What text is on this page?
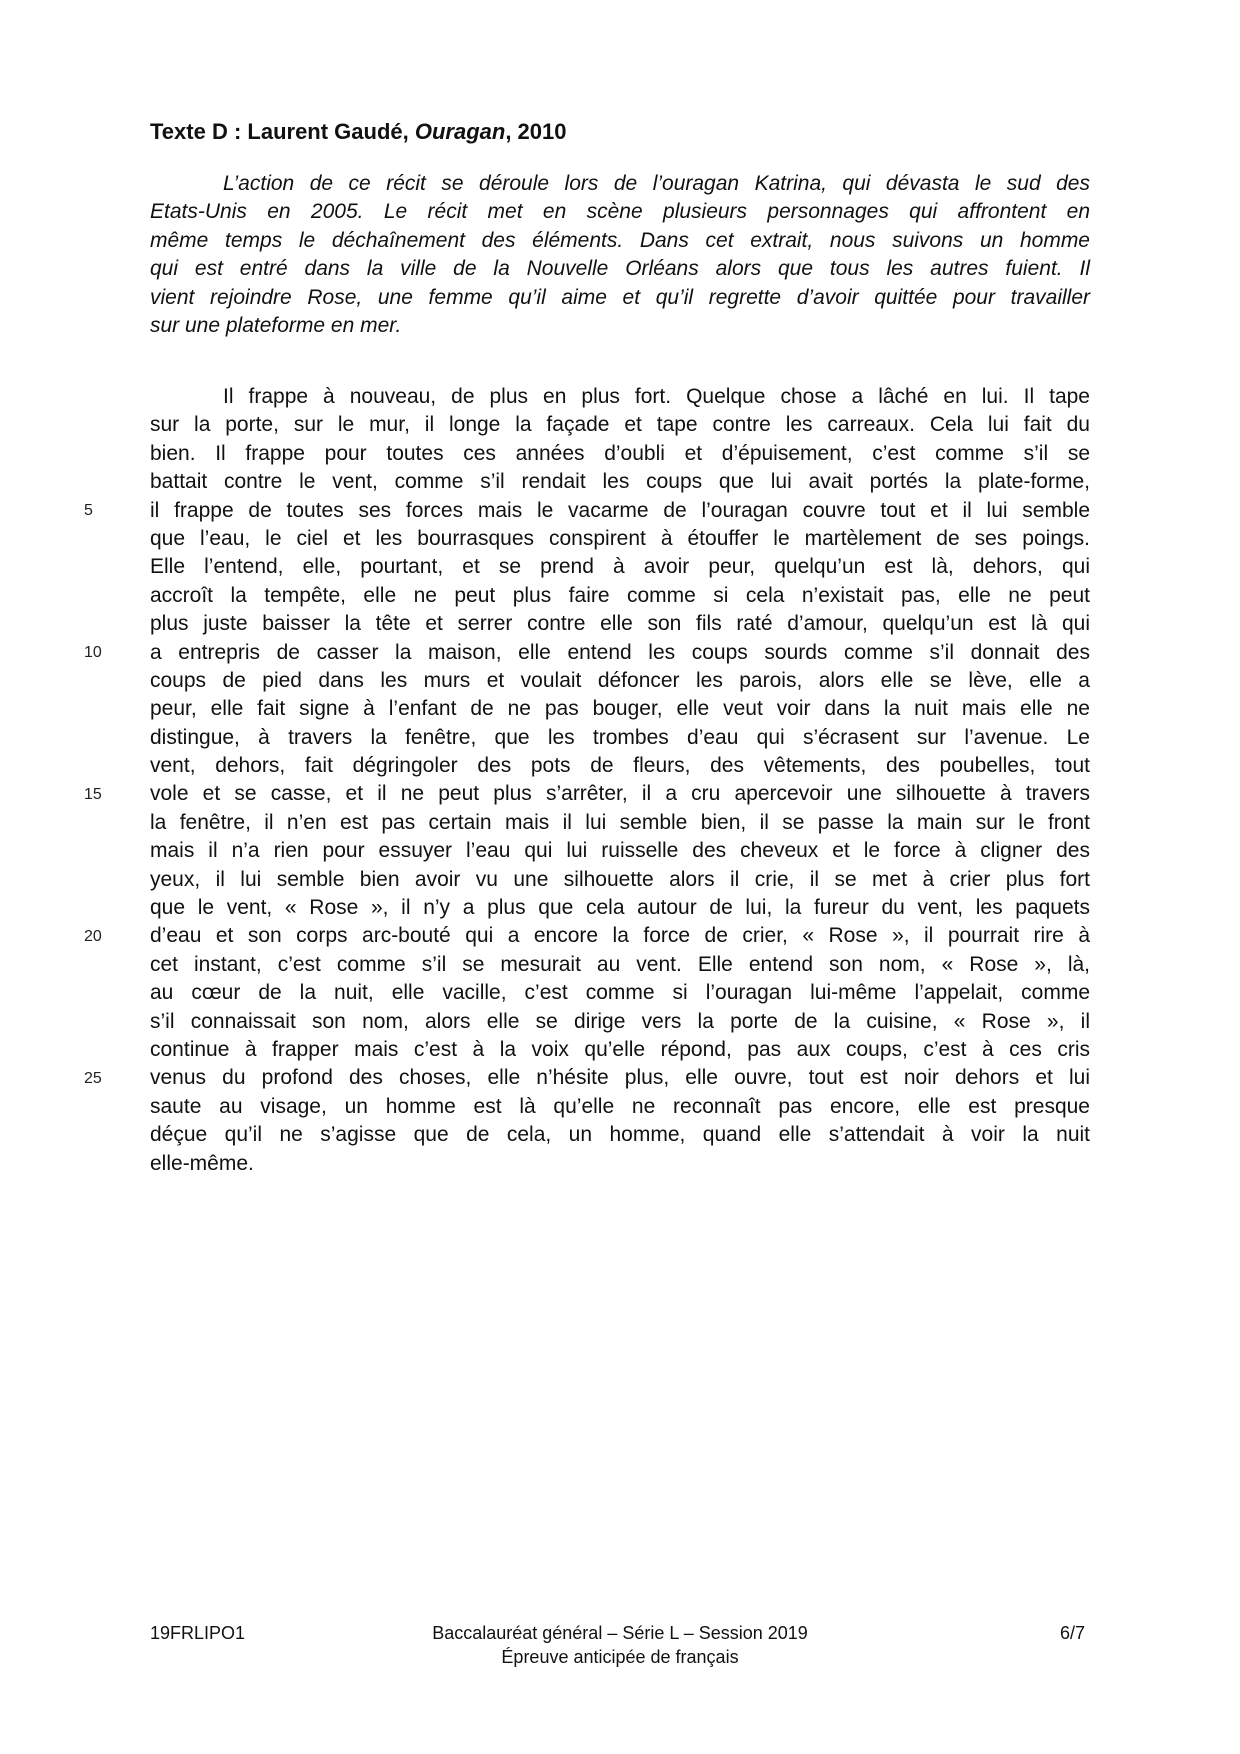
Texte D : Laurent Gaudé, Ouragan, 2010
L’action de ce récit se déroule lors de l’ouragan Katrina, qui dévasta le sud des
Etats-Unis en 2005. Le récit met en scène plusieurs personnages qui affrontent en
même temps le déchaînement des éléments. Dans cet extrait, nous suivons un homme
qui est entré dans la ville de la Nouvelle Orléans alors que tous les autres fuient. Il
vient rejoindre Rose, une femme qu’il aime et qu’il regrette d’avoir quittée pour travailler
sur une plateforme en mer.
5
10
15
20
25
Il frappe à nouveau, de plus en plus fort. Quelque chose a lâché en lui. Il tape
sur la porte, sur le mur, il longe la façade et tape contre les carreaux. Cela lui fait du
bien. Il frappe pour toutes ces années d’oubli et d’épuisement, c’est comme s’il se
battait contre le vent, comme s’il rendait les coups que lui avait portés la plate-forme,
il frappe de toutes ses forces mais le vacarme de l’ouragan couvre tout et il lui semble
que l’eau, le ciel et les bourrasques conspirent à étouffer le martèlement de ses poings.
Elle l’entend, elle, pourtant, et se prend à avoir peur, quelqu’un est là, dehors, qui
accroît la tempête, elle ne peut plus faire comme si cela n’existait pas, elle ne peut
plus juste baisser la tête et serrer contre elle son fils raté d’amour, quelqu’un est là qui
a entrepris de casser la maison, elle entend les coups sourds comme s’il donnait des
coups de pied dans les murs et voulait défoncer les parois, alors elle se lève, elle a
peur, elle fait signe à l’enfant de ne pas bouger, elle veut voir dans la nuit mais elle ne
distingue, à travers la fenêtre, que les trombes d’eau qui s’écrasent sur l’avenue. Le
vent, dehors, fait dégringoler des pots de fleurs, des vêtements, des poubelles, tout
vole et se casse, et il ne peut plus s’arrêter, il a cru apercevoir une silhouette à travers
la fenêtre, il n’en est pas certain mais il lui semble bien, il se passe la main sur le front
mais il n’a rien pour essuyer l’eau qui lui ruisselle des cheveux et le force à cligner des
yeux, il lui semble bien avoir vu une silhouette alors il crie, il se met à crier plus fort
que le vent, « Rose », il n’y a plus que cela autour de lui, la fureur du vent, les paquets
d’eau et son corps arc-bouté qui a encore la force de crier, « Rose », il pourrait rire à
cet instant, c’est comme s’il se mesurait au vent. Elle entend son nom, « Rose », là,
au cœur de la nuit, elle vacille, c’est comme si l’ouragan lui-même l’appelait, comme
s’il connaissait son nom, alors elle se dirige vers la porte de la cuisine, « Rose », il
continue à frapper mais c’est à la voix qu’elle répond, pas aux coups, c’est à ces cris
venus du profond des choses, elle n’hésite plus, elle ouvre, tout est noir dehors et lui
saute au visage, un homme est là qu’elle ne reconnaît pas encore, elle est presque
déçue qu’il ne s’agisse que de cela, un homme, quand elle s’attendait à voir la nuit
elle-même.
19FRLIPO1	Baccalauréat général – Série L – Session 2019
Épreuve anticipée de français
6/7
